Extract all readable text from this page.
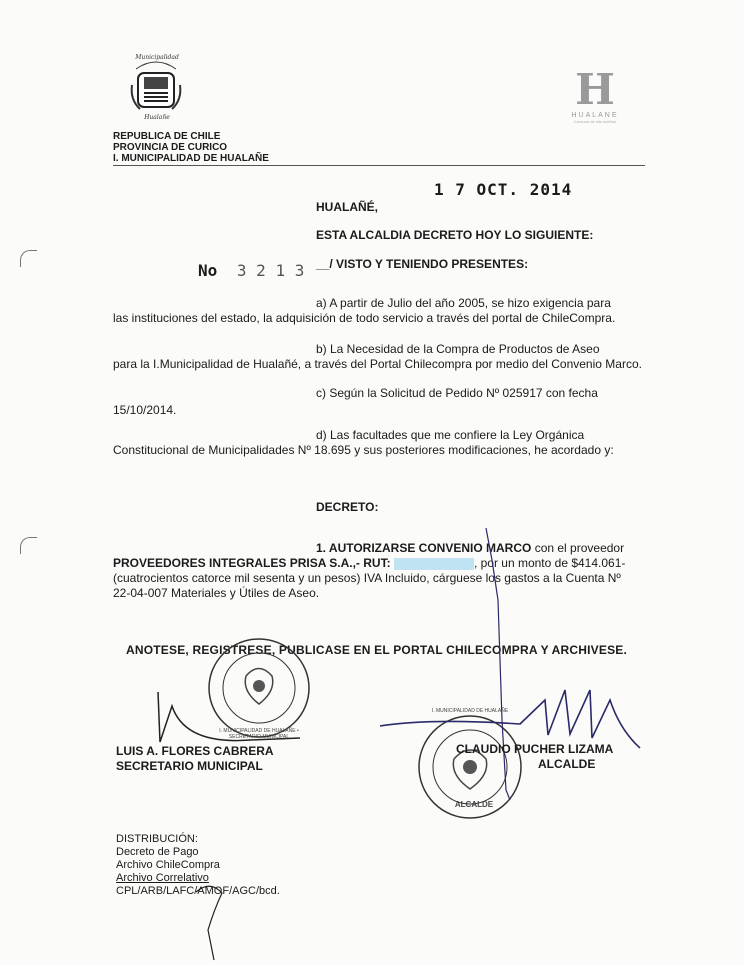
Municipalidad
Hualañe
H
HUALANE
Comuna de mis sueños
REPUBLICA DE CHILE
PROVINCIA DE CURICO
I. MUNICIPALIDAD DE HUALAÑE
1 7 OCT. 2014
HUALAÑÉ,
ESTA ALCALDIA DECRETO HOY LO SIGUIENTE:
No 3 2 1 3 __/ VISTO Y TENIENDO PRESENTES:
a) A partir de Julio del año 2005, se hizo exigencia para
las instituciones del estado, la adquisición de todo servicio a través del portal de ChileCompra.
b) La Necesidad de la Compra de Productos de Aseo
para la I.Municipalidad de Hualañé, a través del Portal Chilecompra por medio del Convenio Marco.
c) Según la Solicitud de Pedido Nº 025917 con fecha
15/10/2014.
d) Las facultades que me confiere la Ley Orgánica
Constitucional de Municipalidades Nº 18.695 y sus posteriores modificaciones, he acordado y:
DECRETO:
1. AUTORIZARSE CONVENIO MARCO con el proveedor
PROVEEDORES INTEGRALES PRISA S.A.,- RUT:	, por un monto de $414.061-
(cuatrocientos catorce mil sesenta y un pesos) IVA Incluido, cárguese los gastos a la Cuenta Nº
22-04-007 Materiales y Útiles de Aseo.
ANOTESE, REGISTRESE, PUBLICASE EN EL PORTAL CHILECOMPRA Y ARCHIVESE.
I. MUNICIPALIDAD DE HUALAÑE • SECRETARIO MUNICIPAL
I. MUNICIPALIDAD DE HUALAÑE
ALCALDE
LUIS A. FLORES CABRERA
SECRETARIO MUNICIPAL
CLAUDIO PUCHER LIZAMA
ALCALDE
DISTRIBUCIÓN:
Decreto de Pago
Archivo ChileCompra
Archivo Correlativo
CPL/ARB/LAFC/AMOF/AGC/bcd.
